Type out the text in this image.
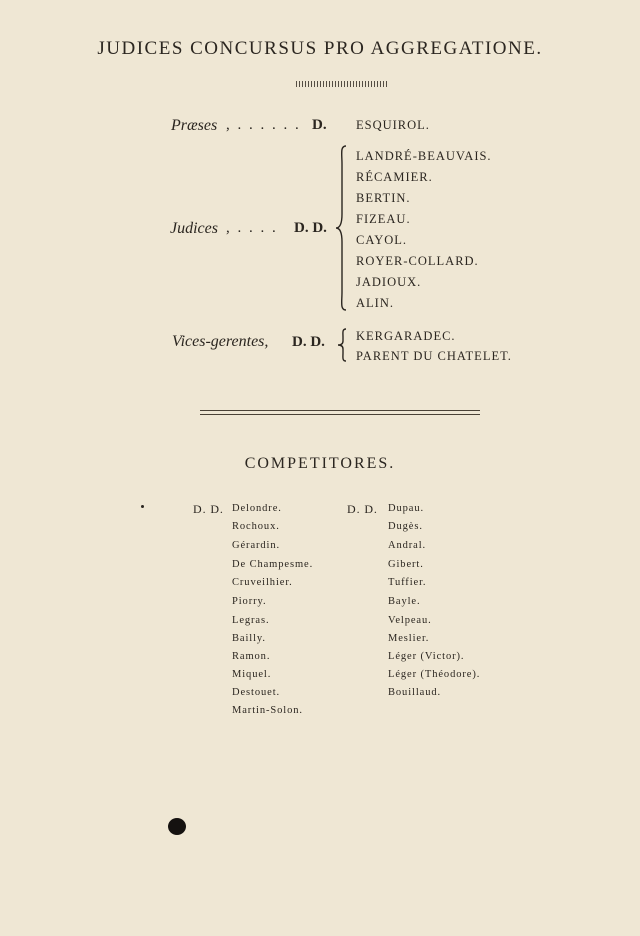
JUDICES CONCURSUS PRO AGGREGATIONE.
Præses , . . . . . . D. ESQUIROL.
Judices , . . . . D. D.
LANDRÉ-BEAUVAIS.
RÉCAMIER.
BERTIN.
FIZEAU.
CAYOL.
ROYER-COLLARD.
JADIOUX.
ALIN.
Vices-gerentes, D. D. KERGARADEC.
PARENT DU CHATELET.
COMPETITORES.
D. D. Delondre.
Rochoux.
Gérardin.
De Champesme.
Cruveilhier.
Piorry.
Legras.
Bailly.
Ramon.
Miquel.
Destouet.
Martin-Solon.
D. D. Dupau.
Dugès.
Andral.
Gibert.
Tuffier.
Bayle.
Velpeau.
Meslier.
Léger (Victor).
Léger (Théodore).
Bouillaud.
